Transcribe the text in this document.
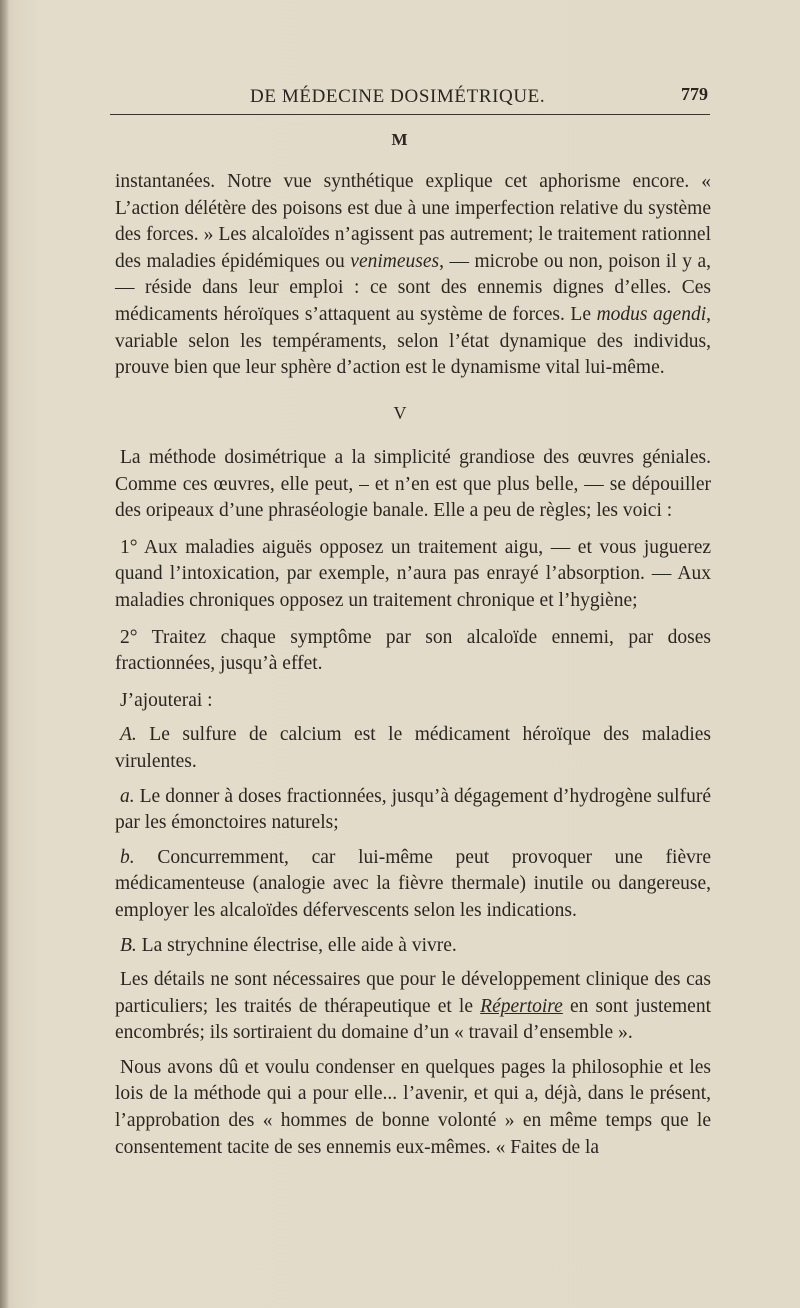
DE MÉDECINE DOSIMÉTRIQUE.	779
M

instantanées. Notre vue synthétique explique cet aphorisme encore. « L’action délétère des poisons est due à une imperfection relative du système des forces. » Les alcaloïdes n’agissent pas autrement; le traitement rationnel des maladies épidémiques ou venimeuses, — microbe ou non, poison il y a, — réside dans leur emploi : ce sont des ennemis dignes d’elles. Ces médicaments héroïques s’attaquent au système de forces. Le modus agendi, variable selon les tempéraments, selon l’état dynamique des individus, prouve bien que leur sphère d’action est le dynamisme vital lui-même.

V

La méthode dosimétrique a la simplicité grandiose des œuvres géniales. Comme ces œuvres, elle peut, – et n’en est que plus belle, — se dépouiller des oripeaux d’une phraséologie banale. Elle a peu de règles; les voici :

1° Aux maladies aiguës opposez un traitement aigu, — et vous juguerez quand l’intoxication, par exemple, n’aura pas enrayé l’absorption. — Aux maladies chroniques opposez un traitement chronique et l’hygiène;

2° Traitez chaque symptôme par son alcaloïde ennemi, par doses fractionnées, jusqu’à effet.

J’ajouterai :

A. Le sulfure de calcium est le médicament héroïque des maladies virulentes.

a. Le donner à doses fractionnées, jusqu’à dégagement d’hydrogène sulfuré par les émonctoires naturels;

b. Concurremment, car lui-même peut provoquer une fièvre médicamenteuse (analogie avec la fièvre thermale) inutile ou dangereuse, employer les alcaloïdes défervescents selon les indications.

B. La strychnine électrise, elle aide à vivre.

Les détails ne sont nécessaires que pour le développement clinique des cas particuliers; les traités de thérapeutique et le Répertoire en sont justement encombrés; ils sortiraient du domaine d’un « travail d’ensemble ».

Nous avons dû et voulu condenser en quelques pages la philosophie et les lois de la méthode qui a pour elle... l’avenir, et qui a, déjà, dans le présent, l’approbation des « hommes de bonne volonté » en même temps que le consentement tacite de ses ennemis eux-mêmes. « Faites de la
